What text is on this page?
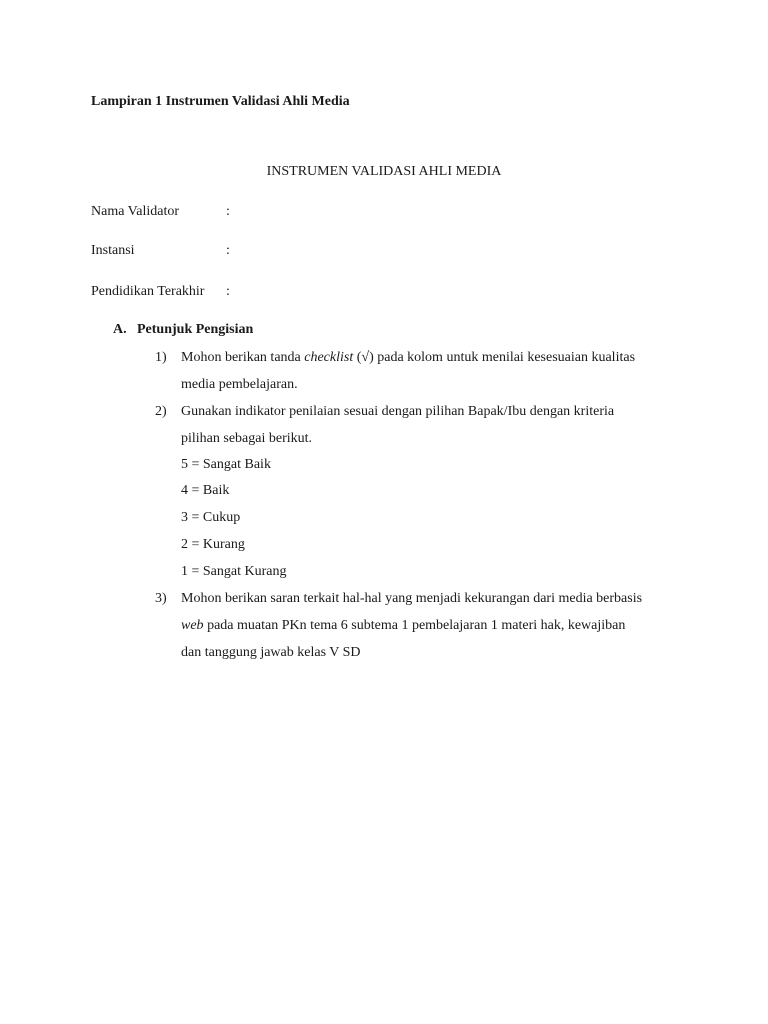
Lampiran 1 Instrumen Validasi Ahli Media
INSTRUMEN VALIDASI AHLI MEDIA
Nama Validator	:
Instansi	:
Pendidikan Terakhir :
A. Petunjuk Pengisian
1) Mohon berikan tanda checklist (√) pada kolom untuk menilai kesesuaian kualitas
media pembelajaran.
2) Gunakan indikator penilaian sesuai dengan pilihan Bapak/Ibu dengan kriteria
pilihan sebagai berikut.
5 = Sangat Baik
4 = Baik
3 = Cukup
2 = Kurang
1 = Sangat Kurang
3) Mohon berikan saran terkait hal-hal yang menjadi kekurangan dari media berbasis
web pada muatan PKn tema 6 subtema 1 pembelajaran 1 materi hak, kewajiban
dan tanggung jawab kelas V SD
